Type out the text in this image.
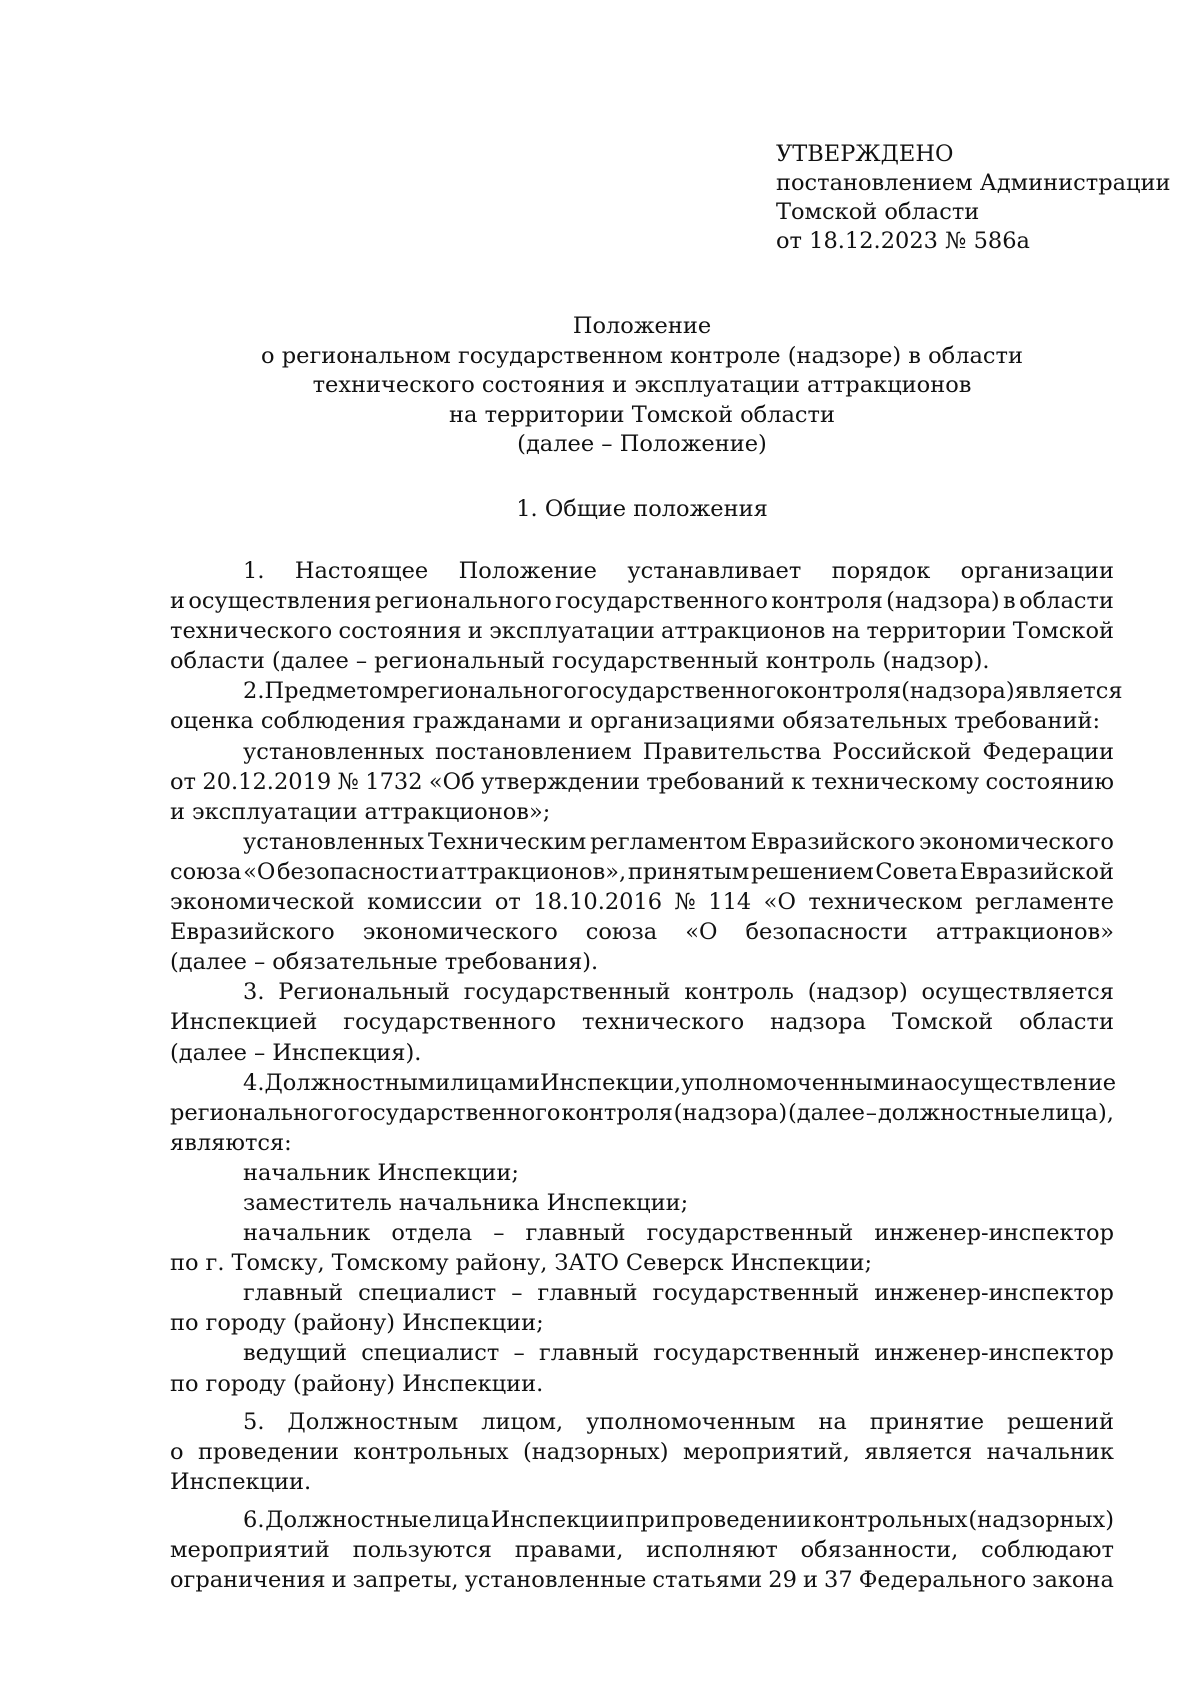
УТВЕРЖДЕНО
постановлением Администрации
Томской области
от 18.12.2023 № 586а
Положение
о региональном государственном контроле (надзоре) в области
технического состояния и эксплуатации аттракционов
на территории Томской области
(далее – Положение)
1. Общие положения
1. Настоящее Положение устанавливает порядок организации
и осуществления регионального государственного контроля (надзора) в области
технического состояния и эксплуатации аттракционов на территории Томской
области (далее – региональный государственный контроль (надзор).
2. Предметом регионального государственного контроля (надзора) является
оценка соблюдения гражданами и организациями обязательных требований:
установленных постановлением Правительства Российской Федерации
от 20.12.2019 № 1732 «Об утверждении требований к техническому состоянию
и эксплуатации аттракционов»;
установленных Техническим регламентом Евразийского экономического
союза «О безопасности аттракционов», принятым решением Совета Евразийской
экономической комиссии от 18.10.2016 № 114 «О техническом регламенте
Евразийского экономического союза «О безопасности аттракционов»
(далее – обязательные требования).
3. Региональный государственный контроль (надзор) осуществляется
Инспекцией государственного технического надзора Томской области
(далее – Инспекция).
4. Должностными лицами Инспекции, уполномоченными на осуществление
регионального государственного контроля (надзора) (далее – должностные лица),
являются:
начальник Инспекции;
заместитель начальника Инспекции;
начальник отдела – главный государственный инженер-инспектор
по г. Томску, Томскому району, ЗАТО Северск Инспекции;
главный специалист – главный государственный инженер-инспектор
по городу (району) Инспекции;
ведущий специалист – главный государственный инженер-инспектор
по городу (району) Инспекции.
5. Должностным лицом, уполномоченным на принятие решений
о проведении контрольных (надзорных) мероприятий, является начальник
Инспекции.
6. Должностные лица Инспекции при проведении контрольных (надзорных)
мероприятий пользуются правами, исполняют обязанности, соблюдают
ограничения и запреты, установленные статьями 29 и 37 Федерального закона
